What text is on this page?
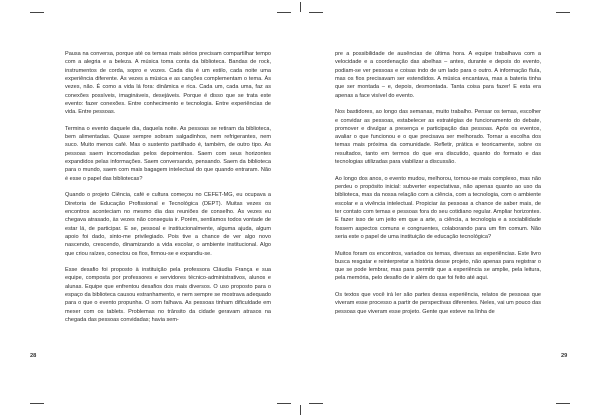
Pausa na conversa, porque até os temas mais sérios precisam compartilhar tempo com a alegria e a beleza. A música toma conta da biblioteca. Bandas de rock, instrumentos de corda, sopro e vozes. Cada dia é um estilo, cada noite uma experiência diferente. Às vezes a música e as canções complementam o tema. Às vezes, não. É como a vida lá fora: dinâmica e rica. Cada um, cada uma, faz as conexões possíveis, imagináveis, desejáveis. Porque é disso que se trata este evento: fazer conexões. Entre conhecimento e tecnologia. Entre experiências de vida. Entre pessoas.

Termina o evento daquele dia, daquela noite. As pessoas se retiram da biblioteca, bem alimentadas. Quase sempre sobram salgadinhos, nem refrigerantes, nem suco. Muito menos café. Mas o sustento partilhado é, também, de outro tipo. As pessoas saem incomodadas pelos depoimentos. Saem com seus horizontes expandidos pelas informações. Saem conversando, pensando. Saem da biblioteca para o mundo, saem com mais bagagem intelectual do que quando entraram. Não é esse o papel das bibliotecas?

Quando o projeto Ciência, café e cultura começou no CEFET-MG, eu ocupava a Diretoria de Educação Profissional e Tecnológica (DEPT). Muitas vezes os encontros aconteciam no mesmo dia das reuniões de conselho. Às vezes eu chegava atrasado, às vezes não conseguia ir. Porém, sentíamos todos vontade de estar lá, de participar. E se, pessoal e institucionalmente, alguma ajuda, algum apoio foi dado, sinto-me privilegiado. Pois tive a chance de ver algo novo nascendo, crescendo, dinamizando a vida escolar, o ambiente institucional. Algo que criou raízes, conectou os fios, firmou-se e expandiu-se.

Esse desafio foi proposto à instituição pela professora Cláudia França e sua equipe, composta por professores e servidores técnico-administrativos, alunos e alunas. Equipe que enfrentou desafios dos mais diversos. O uso proposto para o espaço da biblioteca causou estranhamento, e nem sempre se mostrava adequado para o que o evento propunha. O som falhava. As pessoas tinham dificuldade em mexer com os tablets. Problemas no trânsito da cidade geravam atrasos na chegada das pessoas convidadas; havia sem-

28

pre a possibilidade de ausências de última hora. A equipe trabalhava com a velocidade e a coordenação das abelhas – antes, durante e depois do evento, podiam-se ver pessoas e coisas indo de um lado para o outro. A informação fluía, mas os fios precisavam ser estendidos. A música encantava, mas a bateria tinha que ser montada – e, depois, desmontada. Tanta coisa para fazer! E esta era apenas a face visível do evento.

Nos bastidores, ao longo das semanas, muito trabalho. Pensar os temas, escolher e convidar as pessoas, estabelecer as estratégias de funcionamento do debate, promover e divulgar a presença e participação das pessoas. Após os eventos, avaliar o que funcionou e o que precisava ser melhorado. Tornar a escolha dos temas mais próxima da comunidade. Refletir, prática e teoricamente, sobre os resultados, tanto em termos do que era discutido, quanto do formato e das tecnologias utilizadas para viabilizar a discussão.

Ao longo dos anos, o evento mudou, melhorou, tornou-se mais complexo, mas não perdeu o propósito inicial: subverter expectativas, não apenas quanto ao uso da biblioteca, mas da nossa relação com a ciência, com a tecnologia, com o ambiente escolar e a vivência intelectual. Propiciar às pessoas a chance de saber mais, de ter contato com temas e pessoas fora do seu cotidiano regular. Ampliar horizontes. E fazer isso de um jeito em que a arte, a ciência, a tecnologia e a sociabilidade fossem aspectos comuns e congruentes, colaborando para um fim comum. Não seria este o papel de uma instituição de educação tecnológica?

Muitos foram os encontros, variados os temas, diversas as experiências. Este livro busca resgatar e reinterpretar a história desse projeto, não apenas para registrar o que se pode lembrar, mas para permitir que a experiência se amplie, pela leitura, pela memória, pelo desafio de ir além do que foi feito até aqui.

Os textos que você irá ler são partes dessa experiência, relatos de pessoas que viveram esse processo a partir de perspectivas diferentes. Neles, vai um pouco das pessoas que viveram esse projeto. Gente que esteve na linha de

29
